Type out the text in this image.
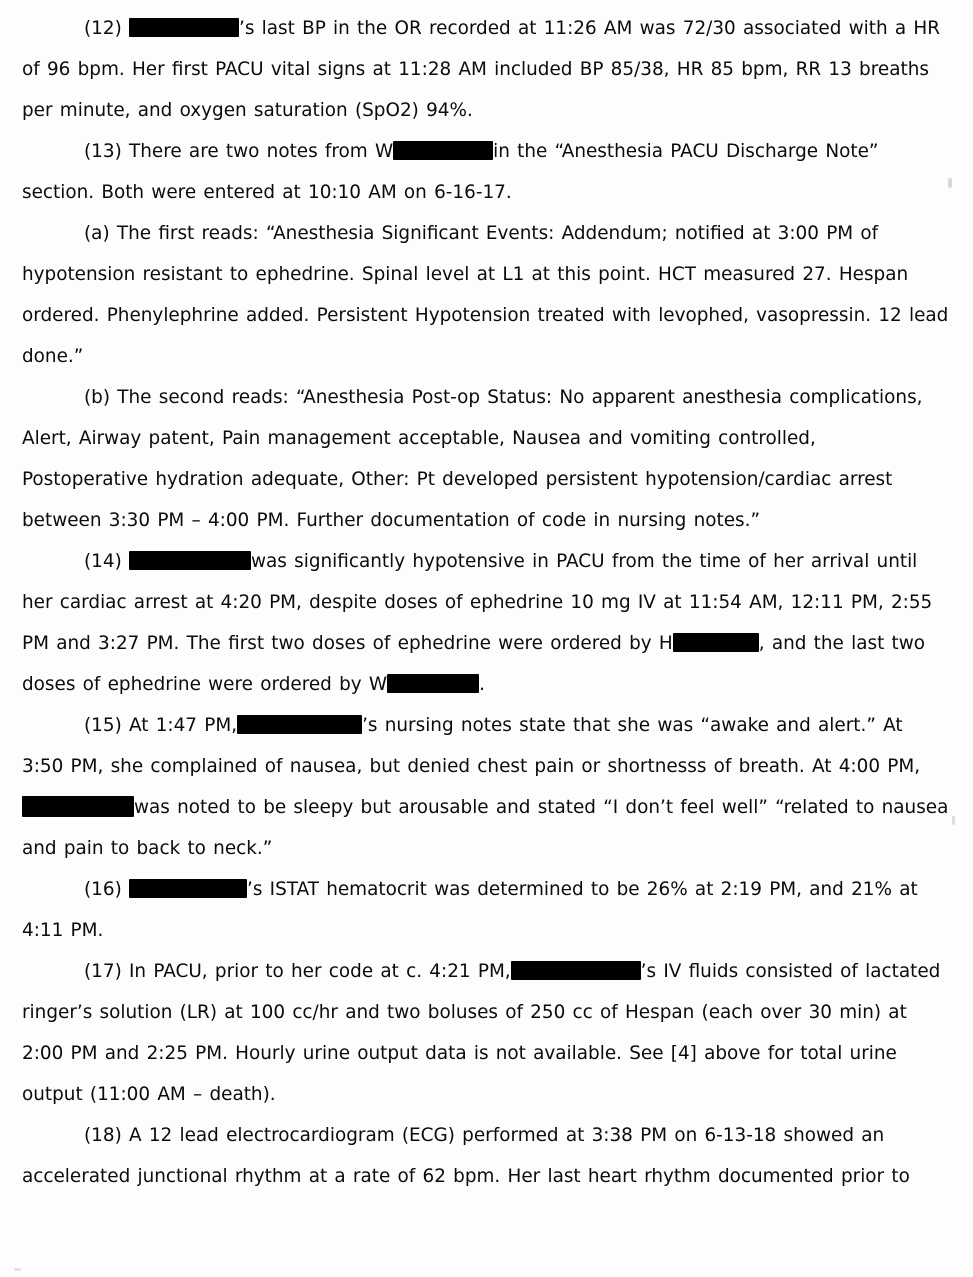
(12)	’s last BP in the OR recorded at 11:26 AM was 72/30 associated with a HR of 96 bpm. Her first PACU vital signs at 11:28 AM included BP 85/38, HR 85 bpm, RR 13 breaths per minute, and oxygen saturation (SpO2) 94%.

(13) There are two notes from W	in the “Anesthesia PACU Discharge Note” section. Both were entered at 10:10 AM on 6-16-17.

(a) The first reads: “Anesthesia Significant Events: Addendum; notified at 3:00 PM of hypotension resistant to ephedrine. Spinal level at L1 at this point. HCT measured 27. Hespan ordered. Phenylephrine added. Persistent Hypotension treated with levophed, vasopressin. 12 lead done.”

(b) The second reads: “Anesthesia Post-op Status: No apparent anesthesia complications, Alert, Airway patent, Pain management acceptable, Nausea and vomiting controlled, Postoperative hydration adequate, Other: Pt developed persistent hypotension/cardiac arrest between 3:30 PM – 4:00 PM. Further documentation of code in nursing notes.”

(14)	was significantly hypotensive in PACU from the time of her arrival until her cardiac arrest at 4:20 PM, despite doses of ephedrine 10 mg IV at 11:54 AM, 12:11 PM, 2:55 PM and 3:27 PM. The first two doses of ephedrine were ordered by H	, and the last two doses of ephedrine were ordered by W	.

(15) At 1:47 PM,	’s nursing notes state that she was “awake and alert.” At 3:50 PM, she complained of nausea, but denied chest pain or shortnesss of breath. At 4:00 PM,was noted to be sleepy but arousable and stated “I don’t feel well” “related to nausea and pain to back to neck.”

(16)	’s ISTAT hematocrit was determined to be 26% at 2:19 PM, and 21% at 4:11 PM.

(17) In PACU, prior to her code at c. 4:21 PM,	’s IV fluids consisted of lactated ringer’s solution (LR) at 100 cc/hr and two boluses of 250 cc of Hespan (each over 30 min) at 2:00 PM and 2:25 PM. Hourly urine output data is not available. See [4] above for total urine output (11:00 AM – death).

(18) A 12 lead electrocardiogram (ECG) performed at 3:38 PM on 6-13-18 showed an accelerated junctional rhythm at a rate of 62 bpm. Her last heart rhythm documented prior to
